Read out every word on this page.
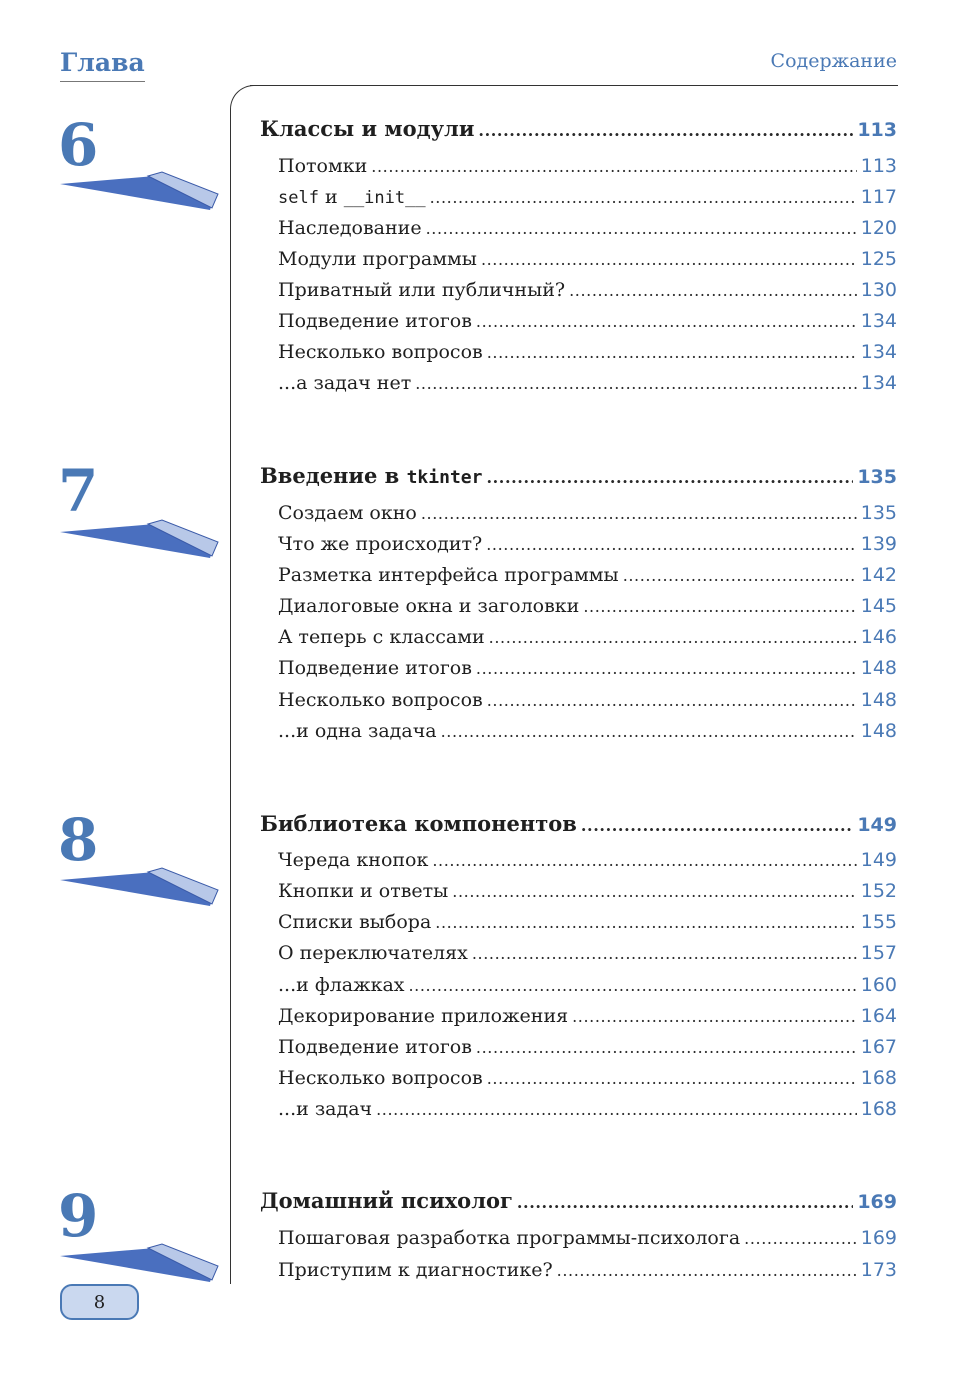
Глава	Содержание
6	Классы и модули .....	113
Потомки .....	113
self и __init__ .....	117
Наследование .....	120
Модули программы .....	125
Приватный или публичный? .....	130
Подведение итогов .....	134
Несколько вопросов .....	134
...а задач нет .....	134
7	Введение в tkinter .....	135
Создаем окно .....	135
Что же происходит? .....	139
Разметка интерфейса программы .....	142
Диалоговые окна и заголовки .....	145
А теперь с классами .....	146
Подведение итогов .....	148
Несколько вопросов .....	148
...и одна задача .....	148
8	Библиотека компонентов .....	149
Череда кнопок .....	149
Кнопки и ответы .....	152
Списки выбора .....	155
О переключателях .....	157
...и флажках .....	160
Декорирование приложения .....	164
Подведение итогов .....	167
Несколько вопросов .....	168
...и задач .....	168
9	Домашний психолог .....	169
Пошаговая разработка программы-психолога .....	169
Приступим к диагностике? .....	173
8
